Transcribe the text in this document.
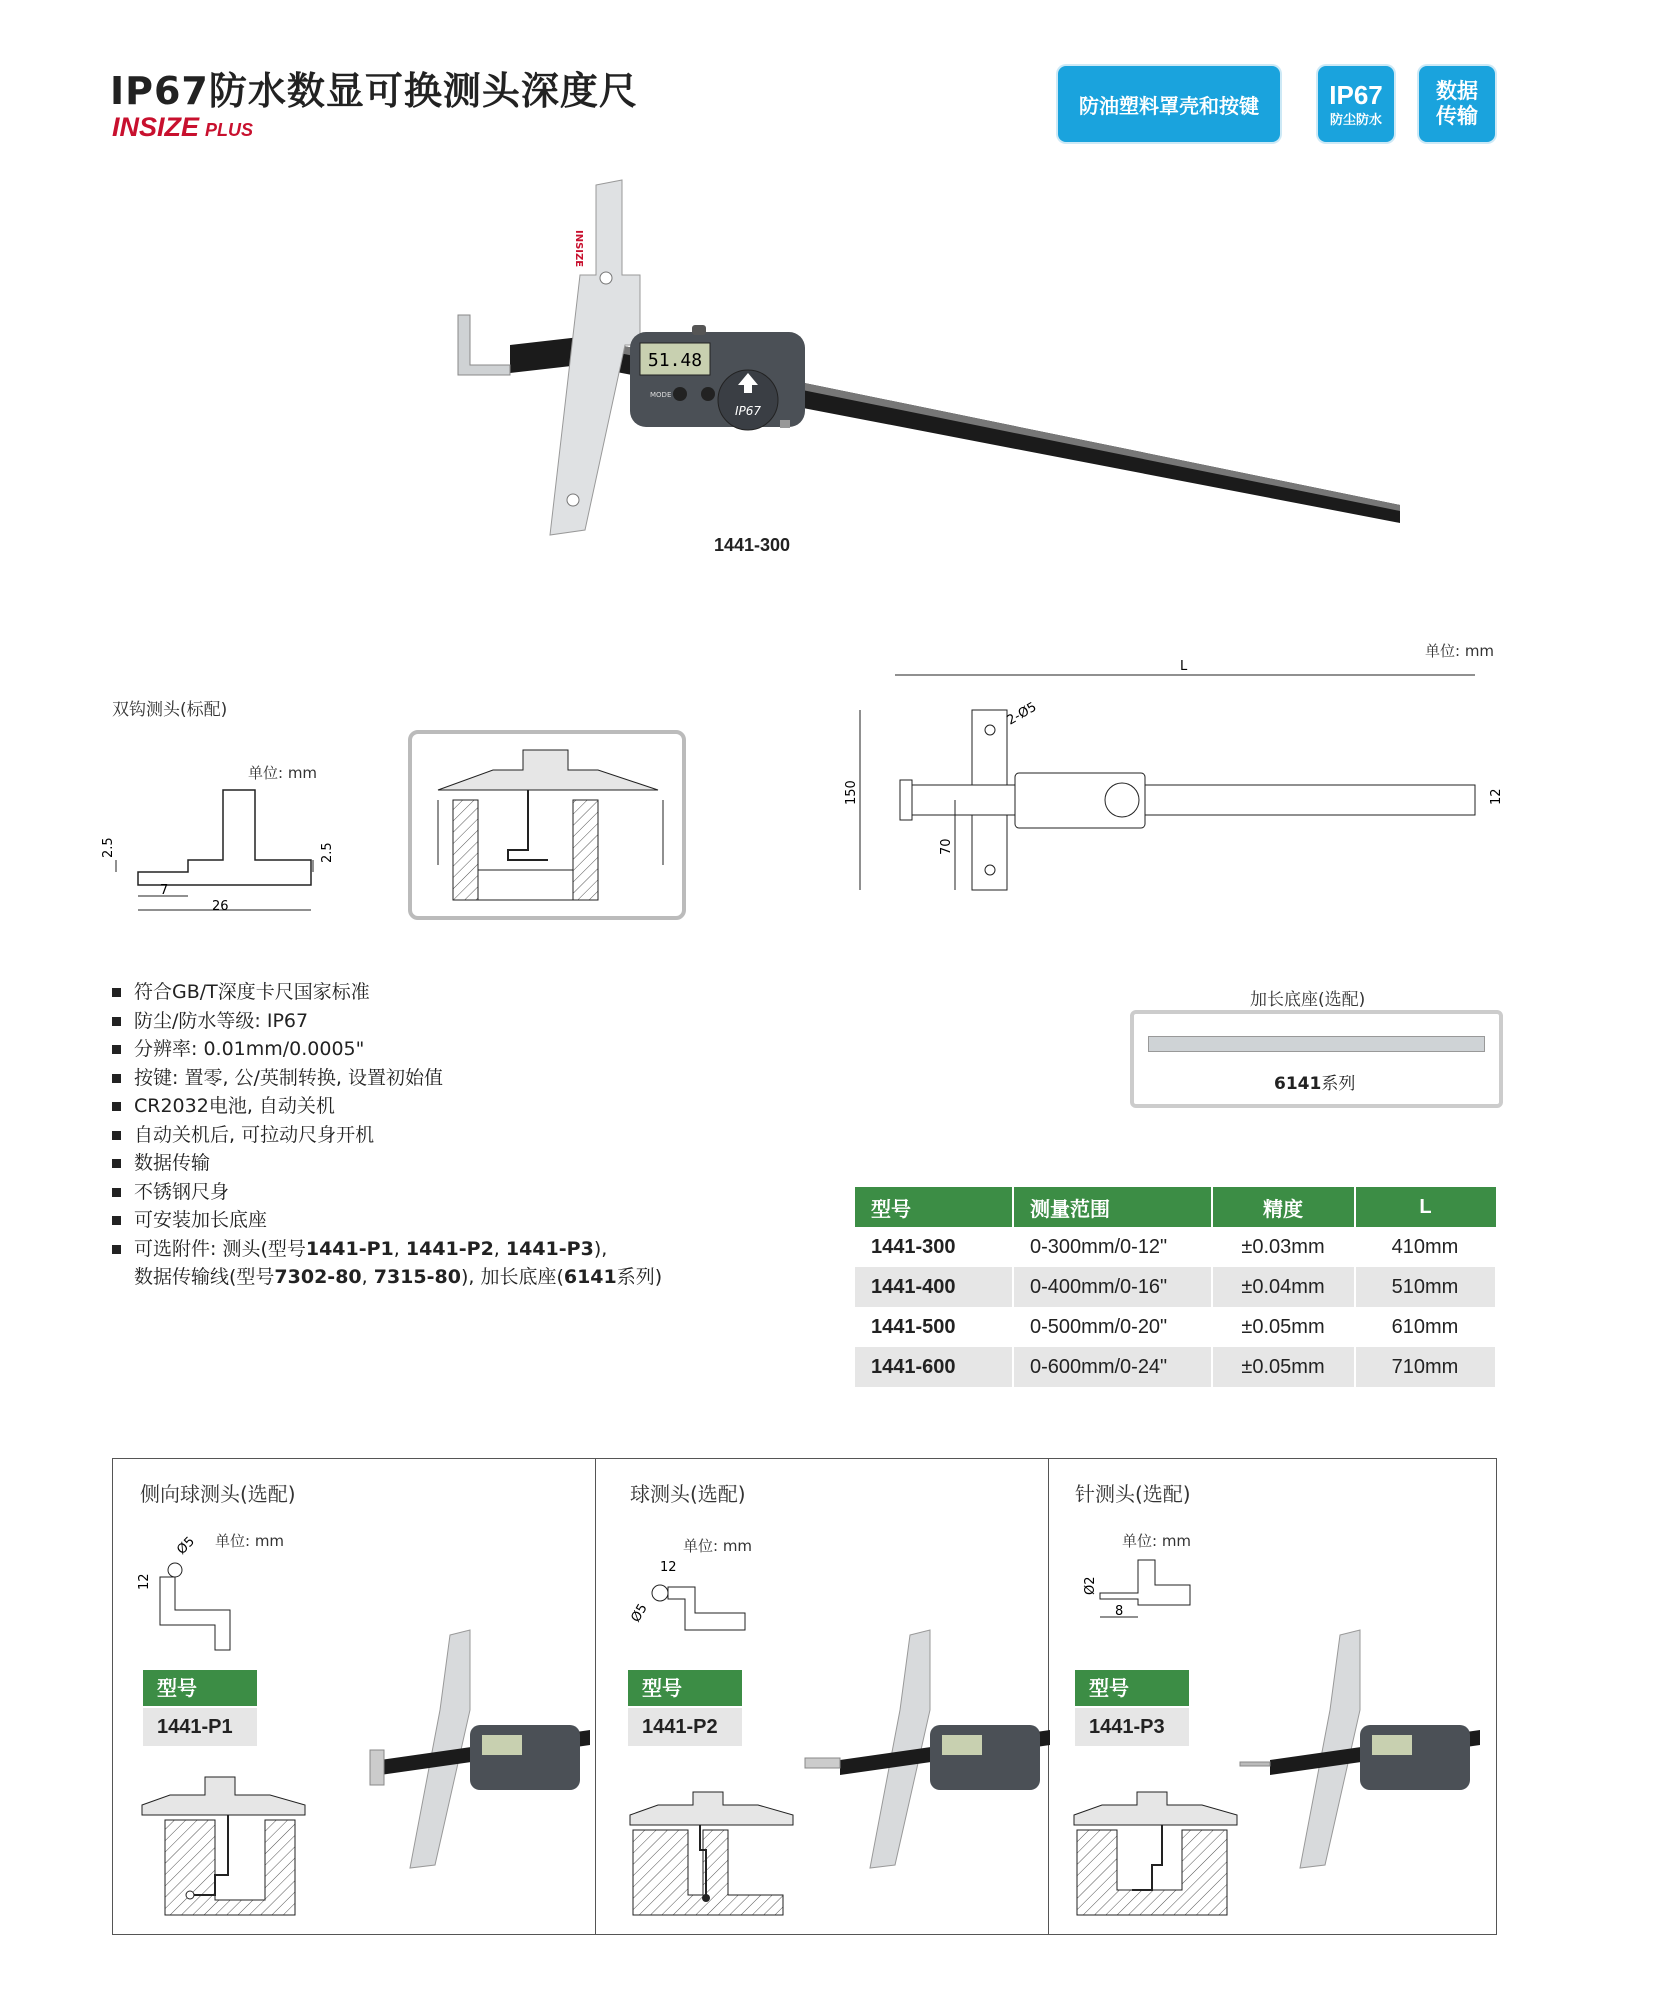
IP67防水数显可换测头深度尺
INSIZE PLUS
防油塑料罩壳和按键	IP67
防尘防水
数据
传输
51.48
MODE
IP67
INSIZE
1441-300
双钩测头(标配)
单位: mm
2.5	2.5
7
26
单位: mm
L
2-Ø5
150
70
12
加长底座(选配)
6141系列
符合GB/T深度卡尺国家标准
防尘/防水等级: IP67
分辨率: 0.01mm/0.0005"
按键: 置零, 公/英制转换, 设置初始值
CR2032电池, 自动关机
自动关机后, 可拉动尺身开机
数据传输
不锈钢尺身
可安装加长底座
可选附件: 测头(型号1441-P1, 1441-P2, 1441-P3),
数据传输线(型号7302-80, 7315-80), 加长底座(6141系列)
型号	测量范围	精度	L
1441-300	0-300mm/0-12"	±0.03mm	410mm
1441-400	0-400mm/0-16"	±0.04mm	510mm
1441-500	0-500mm/0-20"	±0.05mm	610mm
1441-600	0-600mm/0-24"	±0.05mm	710mm
侧向球测头(选配)
单位: mm
Ø5
12
型号
1441-P1
球测头(选配)
单位: mm
12
Ø5
型号
1441-P2
针测头(选配)
单位: mm
Ø2
8
型号
1441-P3
